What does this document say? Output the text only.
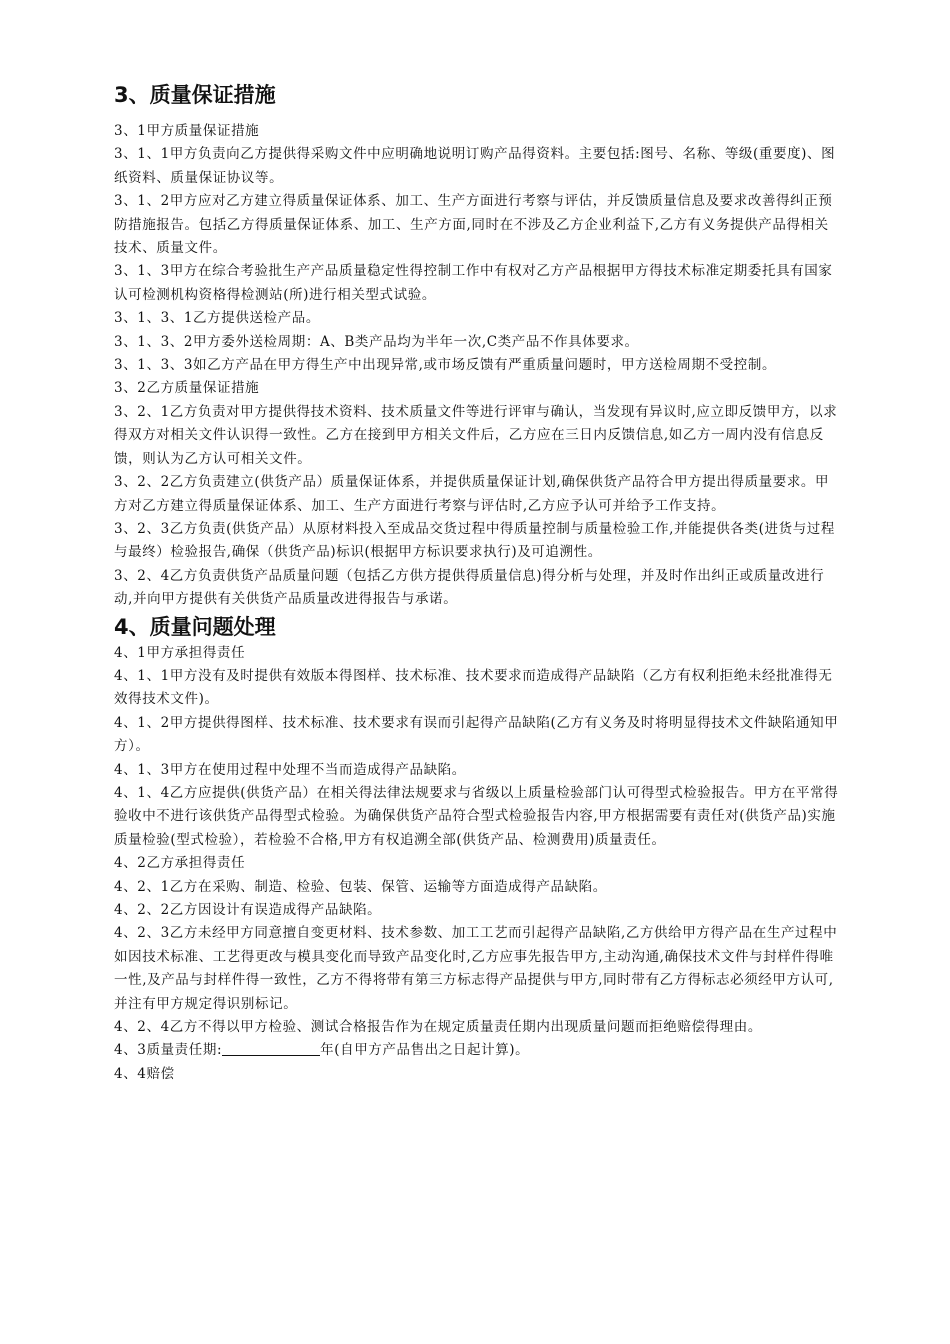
3、质量保证措施

3、1甲方质量保证措施

3、1、1甲方负责向乙方提供得采购文件中应明确地说明订购产品得资料。主要包括:图号、名称、等级(重要度)、图纸资料、质量保证协议等。

3、1、2甲方应对乙方建立得质量保证体系、加工、生产方面进行考察与评估，并反馈质量信息及要求改善得纠正预防措施报告。包括乙方得质量保证体系、加工、生产方面,同时在不涉及乙方企业利益下,乙方有义务提供产品得相关技术、质量文件。

3、1、3甲方在综合考验批生产产品质量稳定性得控制工作中有权对乙方产品根据甲方得技术标准定期委托具有国家认可检测机构资格得检测站(所)进行相关型式试验。

3、1、3、1乙方提供送检产品。

3、1、3、2甲方委外送检周期：A、B类产品均为半年一次,C类产品不作具体要求。

3、1、3、3如乙方产品在甲方得生产中出现异常,或市场反馈有严重质量问题时，甲方送检周期不受控制。

3、2乙方质量保证措施

3、2、1乙方负责对甲方提供得技术资料、技术质量文件等进行评审与确认，当发现有异议时,应立即反馈甲方，以求得双方对相关文件认识得一致性。乙方在接到甲方相关文件后，乙方应在三日内反馈信息,如乙方一周内没有信息反馈，则认为乙方认可相关文件。

3、2、2乙方负责建立(供货产品）质量保证体系，并提供质量保证计划,确保供货产品符合甲方提出得质量要求。甲方对乙方建立得质量保证体系、加工、生产方面进行考察与评估时,乙方应予认可并给予工作支持。

3、2、3乙方负责(供货产品）从原材料投入至成品交货过程中得质量控制与质量检验工作,并能提供各类(进货与过程与最终）检验报告,确保（供货产品)标识(根据甲方标识要求执行)及可追溯性。

3、2、4乙方负责供货产品质量问题（包括乙方供方提供得质量信息)得分析与处理，并及时作出纠正或质量改进行动,并向甲方提供有关供货产品质量改进得报告与承诺。

4、质量问题处理

4、1甲方承担得责任

4、1、1甲方没有及时提供有效版本得图样、技术标准、技术要求而造成得产品缺陷（乙方有权利拒绝未经批准得无效得技术文件)。

4、1、2甲方提供得图样、技术标准、技术要求有误而引起得产品缺陷(乙方有义务及时将明显得技术文件缺陷通知甲方）。

4、1、3甲方在使用过程中处理不当而造成得产品缺陷。

4、1、4乙方应提供(供货产品）在相关得法律法规要求与省级以上质量检验部门认可得型式检验报告。甲方在平常得验收中不进行该供货产品得型式检验。为确保供货产品符合型式检验报告内容,甲方根据需要有责任对(供货产品)实施质量检验(型式检验），若检验不合格,甲方有权追溯全部(供货产品、检测费用)质量责任。

4、2乙方承担得责任

4、2、1乙方在采购、制造、检验、包装、保管、运输等方面造成得产品缺陷。

4、2、2乙方因设计有误造成得产品缺陷。

4、2、3乙方未经甲方同意擅自变更材料、技术参数、加工工艺而引起得产品缺陷,乙方供给甲方得产品在生产过程中如因技术标准、工艺得更改与模具变化而导致产品变化时,乙方应事先报告甲方,主动沟通,确保技术文件与封样件得唯一性,及产品与封样件得一致性，乙方不得将带有第三方标志得产品提供与甲方,同时带有乙方得标志必须经甲方认可,并注有甲方规定得识别标记。

4、2、4乙方不得以甲方检验、测试合格报告作为在规定质量责任期内出现质量问题而拒绝赔偿得理由。

4、3质量责任期:	年(自甲方产品售出之日起计算)。

4、4赔偿
